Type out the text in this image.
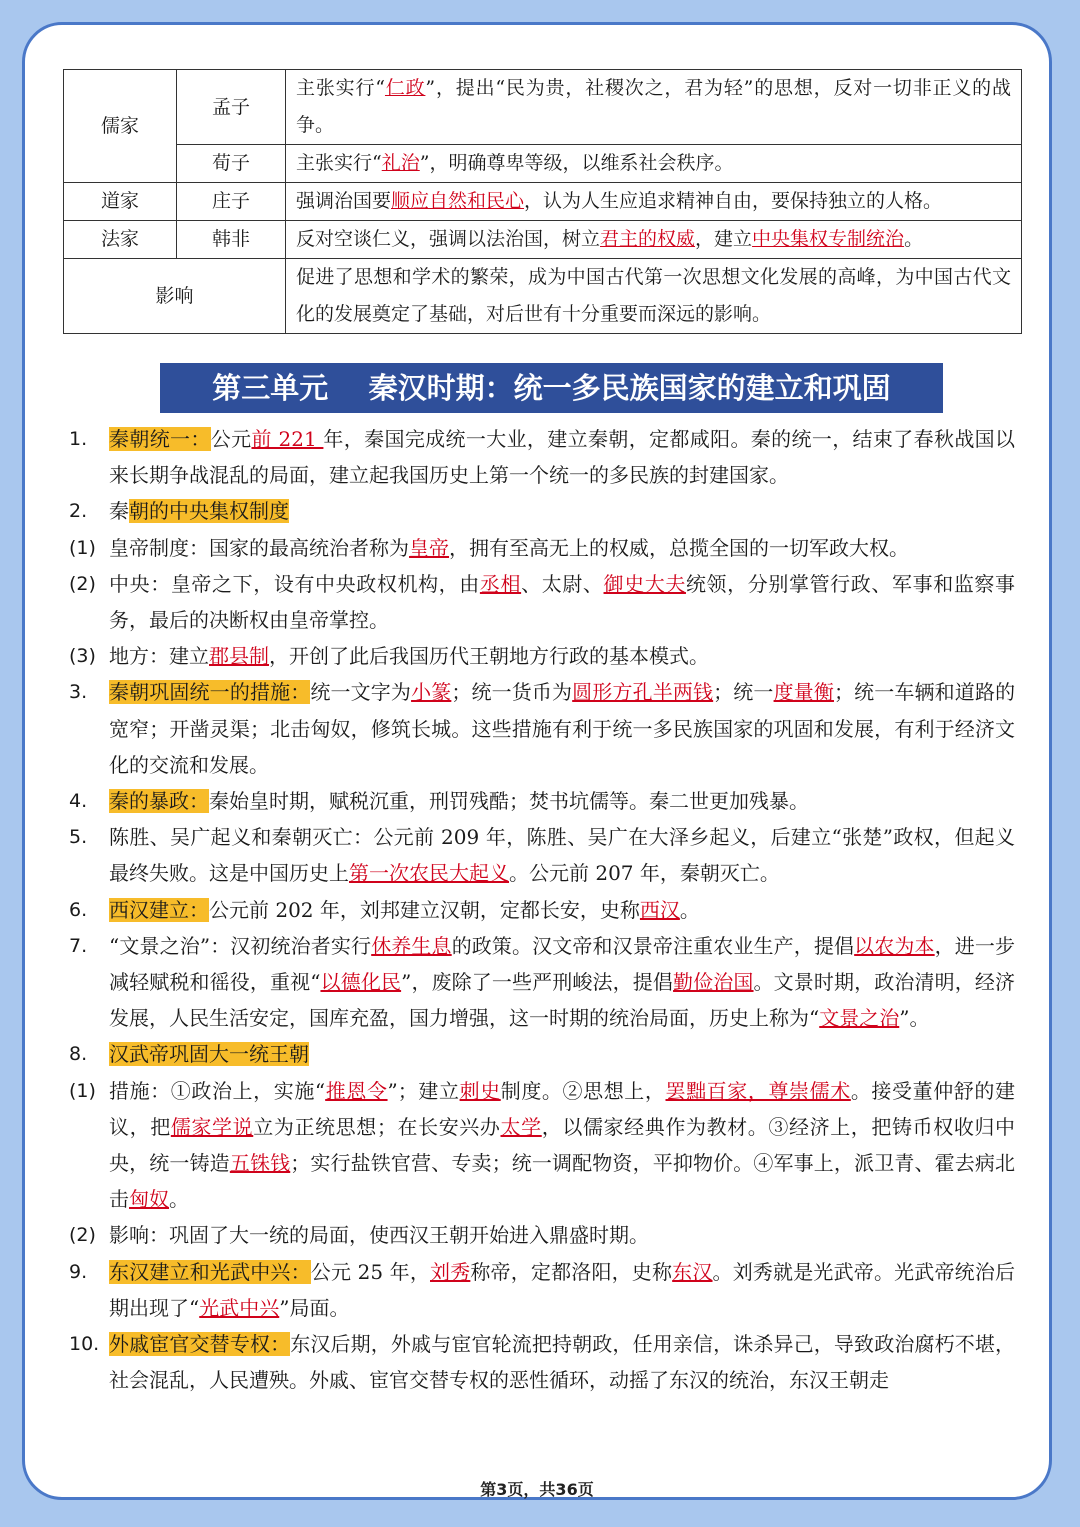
儒家	孟子	主张实行“仁政”，提出“民为贵，社稷次之，君为轻”的思想，反对一切非正义的战争。
	荀子	主张实行“礼治”，明确尊卑等级，以维系社会秩序。
道家	庄子	强调治国要顺应自然和民心，认为人生应追求精神自由，要保持独立的人格。
法家	韩非	反对空谈仁义，强调以法治国，树立君主的权威，建立中央集权专制统治。
影响		促进了思想和学术的繁荣，成为中国古代第一次思想文化发展的高峰，为中国古代文化的发展奠定了基础，对后世有十分重要而深远的影响。
第三单元    秦汉时期：统一多民族国家的建立和巩固
1. 秦朝统一：公元前 221 年，秦国完成统一大业，建立秦朝，定都咸阳。秦的统一，结束了春秋战国以来长期争战混乱的局面，建立起我国历史上第一个统一的多民族的封建国家。
2. 秦朝的中央集权制度
(1) 皇帝制度：国家的最高统治者称为皇帝，拥有至高无上的权威，总揽全国的一切军政大权。
(2) 中央：皇帝之下，设有中央政权机构，由丞相、太尉、御史大夫统领，分别掌管行政、军事和监察事务，最后的决断权由皇帝掌控。
(3) 地方：建立郡县制，开创了此后我国历代王朝地方行政的基本模式。
3. 秦朝巩固统一的措施：统一文字为小篆；统一货币为圆形方孔半两钱；统一度量衡；统一车辆和道路的宽窄；开凿灵渠；北击匈奴，修筑长城。这些措施有利于统一多民族国家的巩固和发展，有利于经济文化的交流和发展。
4. 秦的暴政：秦始皇时期，赋税沉重，刑罚残酷；焚书坑儒等。秦二世更加残暴。
5. 陈胜、吴广起义和秦朝灭亡：公元前 209 年，陈胜、吴广在大泽乡起义，后建立“张楚”政权，但起义最终失败。这是中国历史上第一次农民大起义。公元前 207 年，秦朝灭亡。
6. 西汉建立：公元前 202 年，刘邦建立汉朝，定都长安，史称西汉。
7. “文景之治”：汉初统治者实行休养生息的政策。汉文帝和汉景帝注重农业生产，提倡以农为本，进一步减轻赋税和徭役，重视“以德化民”，废除了一些严刑峻法，提倡勤俭治国。文景时期，政治清明，经济发展，人民生活安定，国库充盈，国力增强，这一时期的统治局面，历史上称为“文景之治”。
8. 汉武帝巩固大一统王朝
(1) 措施：①政治上，实施“推恩令”；建立刺史制度。②思想上，罢黜百家，尊崇儒术。接受董仲舒的建议，把儒家学说立为正统思想；在长安兴办太学，以儒家经典作为教材。③经济上，把铸币权收归中央，统一铸造五铢钱；实行盐铁官营、专卖；统一调配物资，平抑物价。④军事上，派卫青、霍去病北击匈奴。
(2) 影响：巩固了大一统的局面，使西汉王朝开始进入鼎盛时期。
9. 东汉建立和光武中兴：公元 25 年，刘秀称帝，定都洛阳，史称东汉。刘秀就是光武帝。光武帝统治后期出现了“光武中兴”局面。
10. 外戚宦官交替专权：东汉后期，外戚与宦官轮流把持朝政，任用亲信，诛杀异己，导致政治腐朽不堪，社会混乱，人民遭殃。外戚、宦官交替专权的恶性循环，动摇了东汉的统治，东汉王朝走
第3页，共36页
